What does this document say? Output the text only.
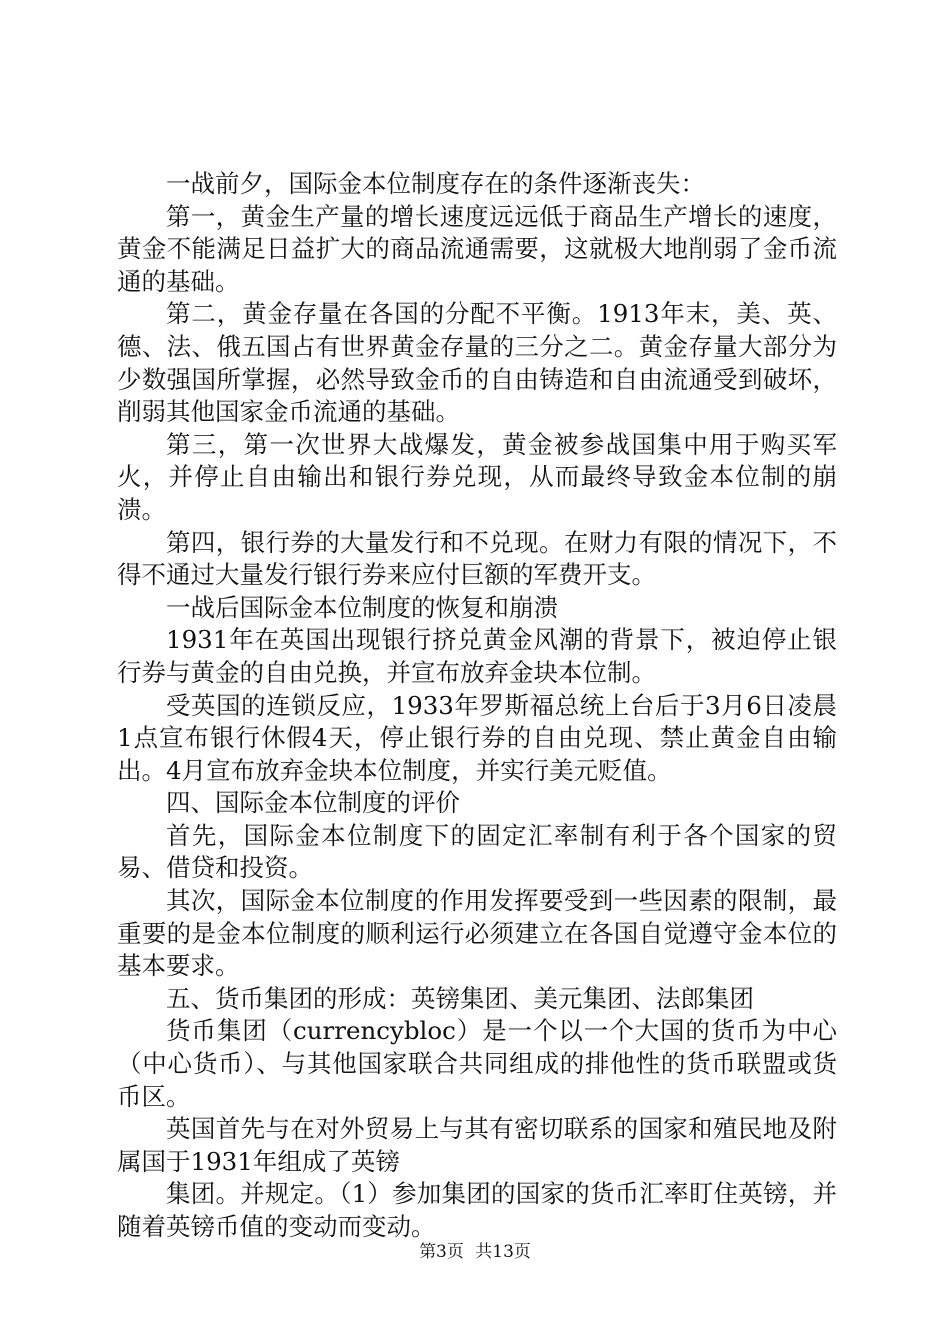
一战前夕，国际金本位制度存在的条件逐渐丧失：

第一，黄金生产量的增长速度远远低于商品生产增长的速度，黄金不能满足日益扩大的商品流通需要，这就极大地削弱了金币流通的基础。

第二，黄金存量在各国的分配不平衡。1913年末，美、英、德、法、俄五国占有世界黄金存量的三分之二。黄金存量大部分为少数强国所掌握，必然导致金币的自由铸造和自由流通受到破坏，削弱其他国家金币流通的基础。

第三，第一次世界大战爆发，黄金被参战国集中用于购买军火，并停止自由输出和银行券兑现，从而最终导致金本位制的崩溃。

第四，银行券的大量发行和不兑现。在财力有限的情况下，不得不通过大量发行银行券来应付巨额的军费开支。

一战后国际金本位制度的恢复和崩溃

1931年在英国出现银行挤兑黄金风潮的背景下，被迫停止银行券与黄金的自由兑换，并宣布放弃金块本位制。

受英国的连锁反应，1933年罗斯福总统上台后于3月6日凌晨1点宣布银行休假4天，停止银行券的自由兑现、禁止黄金自由输出。4月宣布放弃金块本位制度，并实行美元贬值。

四、国际金本位制度的评价

首先，国际金本位制度下的固定汇率制有利于各个国家的贸易、借贷和投资。

其次，国际金本位制度的作用发挥要受到一些因素的限制，最重要的是金本位制度的顺利运行必须建立在各国自觉遵守金本位的基本要求。

五、货币集团的形成：英镑集团、美元集团、法郎集团

货币集团（currencybloc）是一个以一个大国的货币为中心（中心货币）、与其他国家联合共同组成的排他性的货币联盟或货币区。

英国首先与在对外贸易上与其有密切联系的国家和殖民地及附属国于1931年组成了英镑

集团。并规定。（1）参加集团的国家的货币汇率盯住英镑，并随着英镑币值的变动而变动。

第3页 共13页
